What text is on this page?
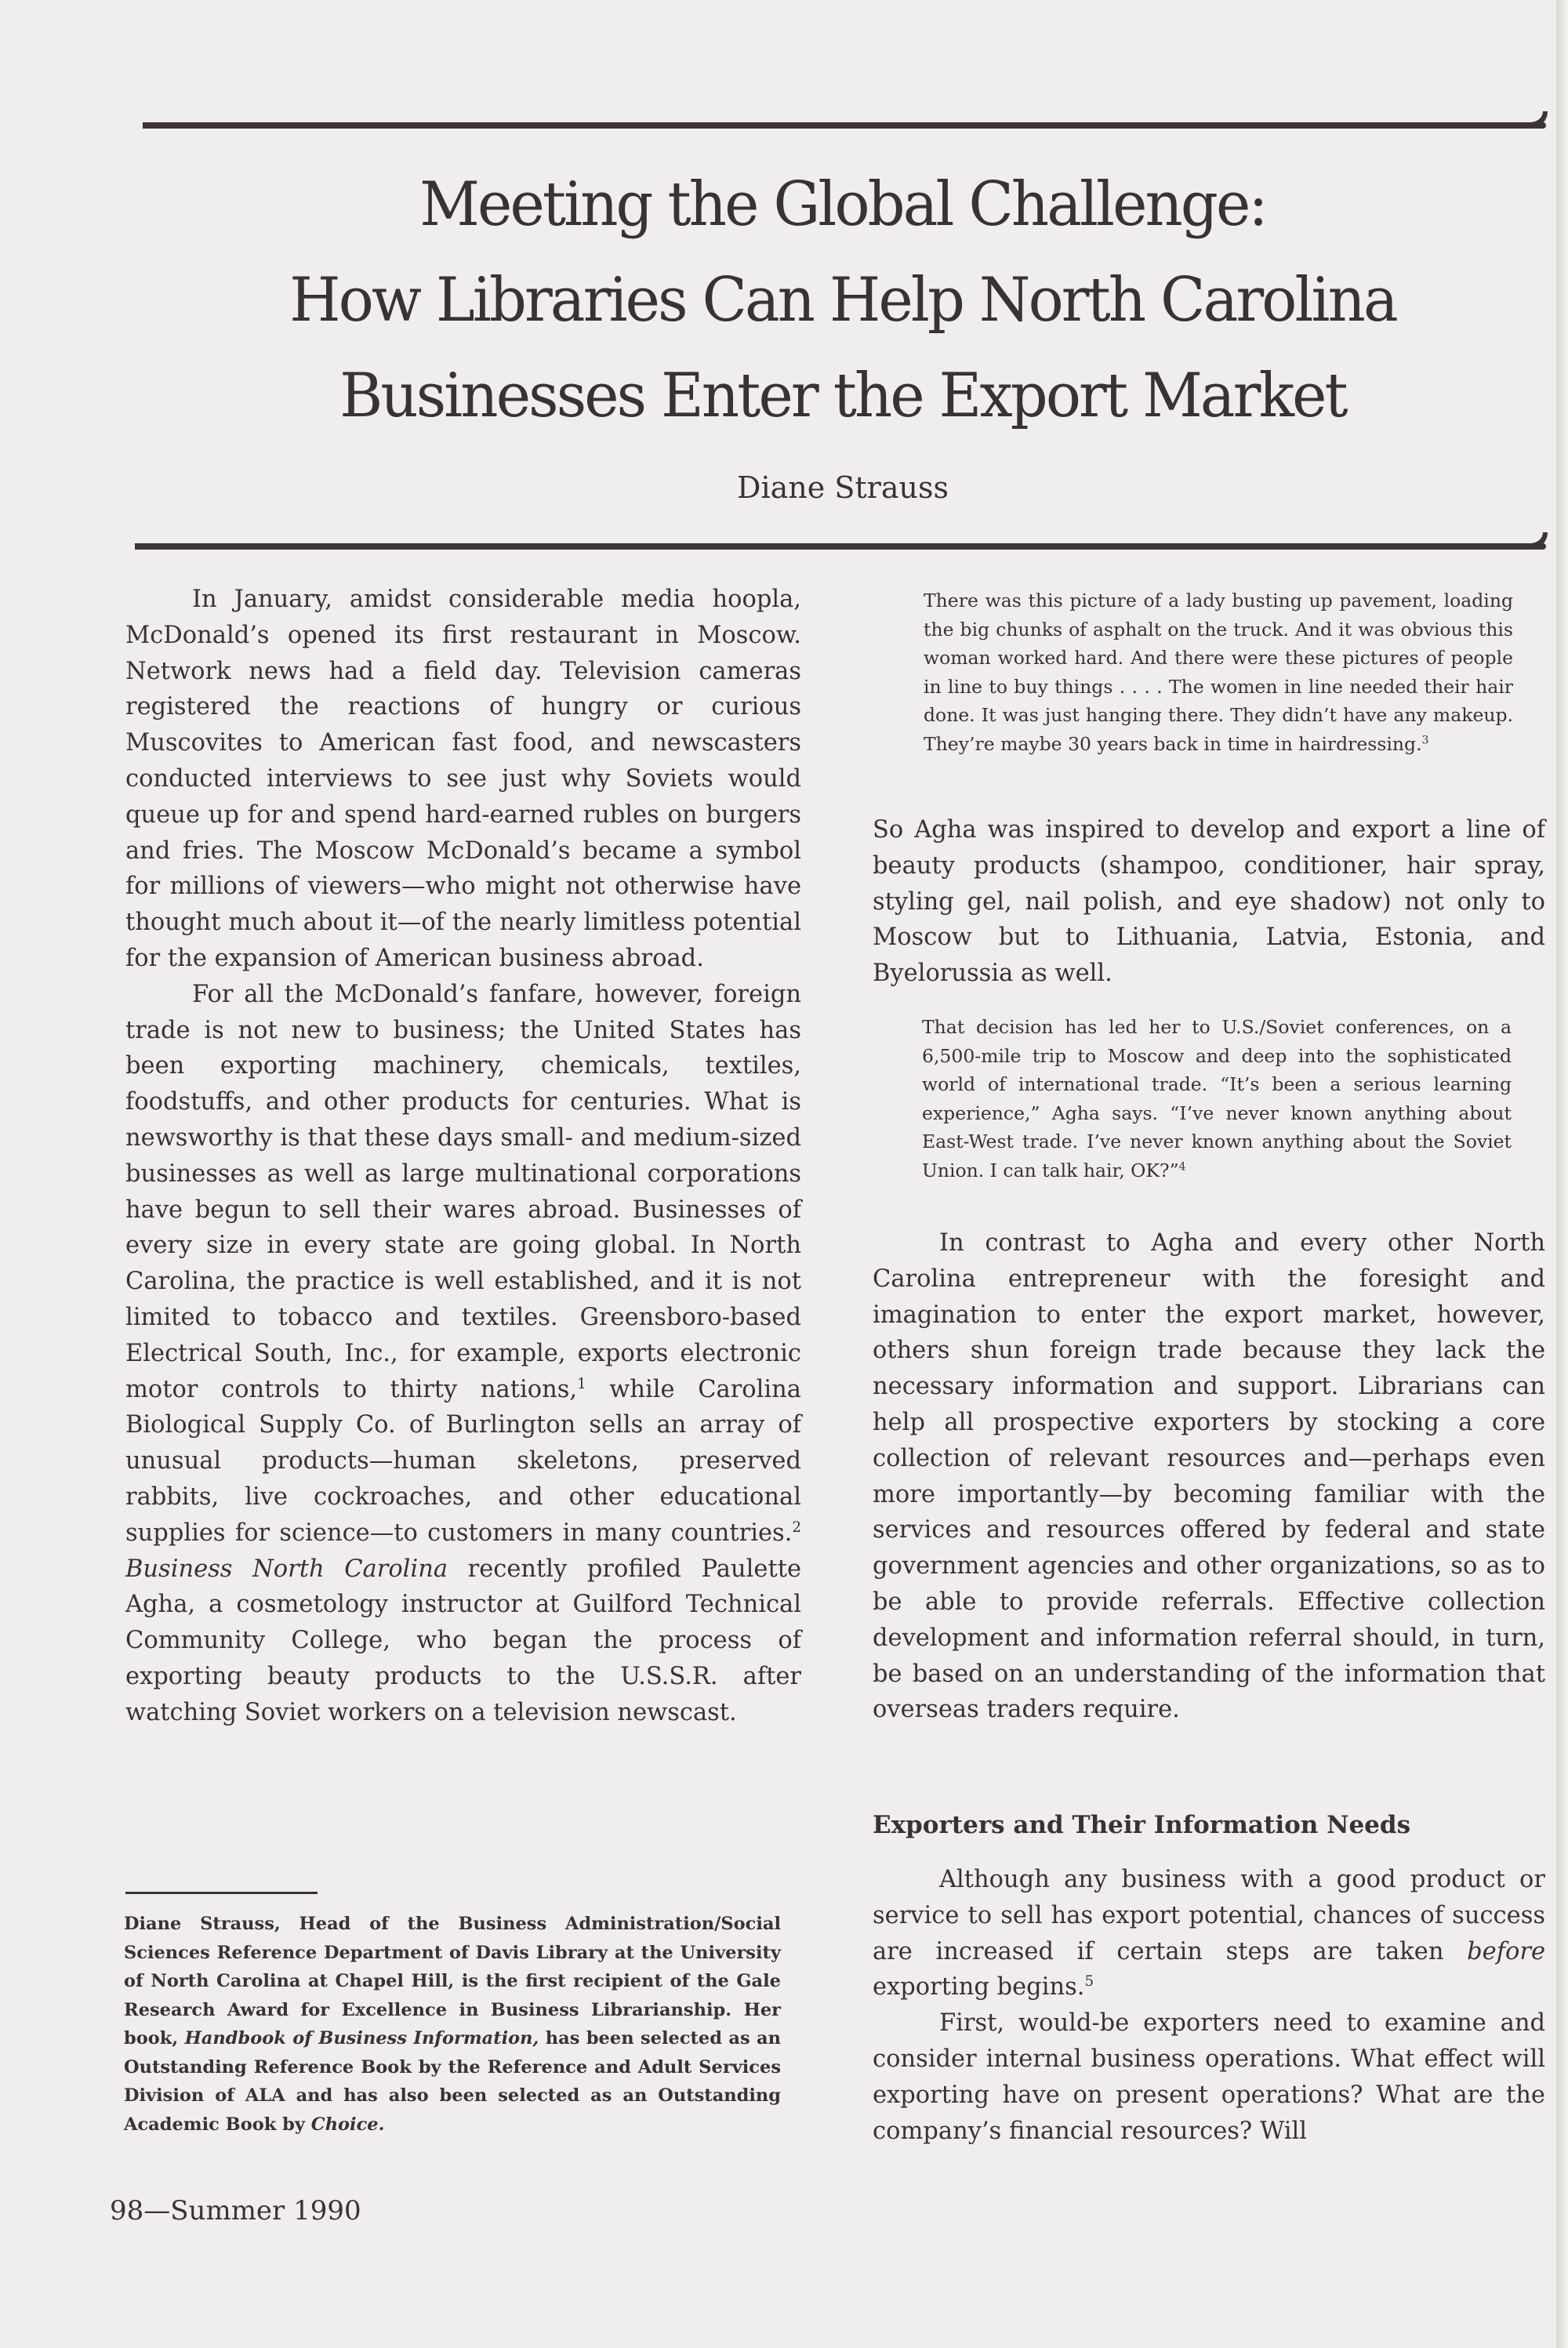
Meeting the Global Challenge:
How Libraries Can Help North Carolina
Businesses Enter the Export Market
Diane Strauss

In January, amidst considerable media hoopla, McDonald’s opened its first restaurant in Moscow. Network news had a field day. Television cameras registered the reactions of hungry or curious Muscovites to American fast food, and newscasters conducted interviews to see just why Soviets would queue up for and spend hard-earned rubles on burgers and fries. The Moscow McDonald’s became a symbol for millions of viewers—who might not otherwise have thought much about it—of the nearly limitless potential for the expansion of American business abroad.

For all the McDonald’s fanfare, however, foreign trade is not new to business; the United States has been exporting machinery, chemicals, textiles, foodstuffs, and other products for centuries. What is newsworthy is that these days small- and medium-sized businesses as well as large multinational corporations have begun to sell their wares abroad. Businesses of every size in every state are going global. In North Carolina, the practice is well established, and it is not limited to tobacco and textiles. Greensboro-based Electrical South, Inc., for example, exports electronic motor controls to thirty nations,$^1$ while Carolina Biological Supply Co. of Burlington sells an array of unusual products—human skeletons, preserved rabbits, live cockroaches, and other educational supplies for science—to customers in many countries.$^2$ Business North Carolina recently profiled Paulette Agha, a cosmetology instructor at Guilford Technical Community College, who began the process of exporting beauty products to the U.S.S.R. after watching Soviet workers on a television newscast.

Diane Strauss, Head of the Business Administration/Social Sciences Reference Department of Davis Library at the University of North Carolina at Chapel Hill, is the first recipient of the Gale Research Award for Excellence in Business Librarianship. Her book, Handbook of Business Information, has been selected as an Outstanding Reference Book by the Reference and Adult Services Division of ALA and has also been selected as an Outstanding Academic Book by Choice.

There was this picture of a lady busting up pavement, loading the big chunks of asphalt on the truck. And it was obvious this woman worked hard. And there were these pictures of people in line to buy things . . . . The women in line needed their hair done. It was just hanging there. They didn’t have any makeup. They’re maybe 30 years back in time in hairdressing.$^3$

So Agha was inspired to develop and export a line of beauty products (shampoo, conditioner, hair spray, styling gel, nail polish, and eye shadow) not only to Moscow but to Lithuania, Latvia, Estonia, and Byelorussia as well.

That decision has led her to U.S./Soviet conferences, on a 6,500-mile trip to Moscow and deep into the sophisticated world of international trade. “It’s been a serious learning experience,” Agha says. “I’ve never known anything about East-West trade. I’ve never known anything about the Soviet Union. I can talk hair, OK?”$^4$

In contrast to Agha and every other North Carolina entrepreneur with the foresight and imagination to enter the export market, however, others shun foreign trade because they lack the necessary information and support. Librarians can help all prospective exporters by stocking a core collection of relevant resources and—perhaps even more importantly—by becoming familiar with the services and resources offered by federal and state government agencies and other organizations, so as to be able to provide referrals. Effective collection development and information referral should, in turn, be based on an understanding of the information that overseas traders require.

Exporters and Their Information Needs

Although any business with a good product or service to sell has export potential, chances of success are increased if certain steps are taken before exporting begins.$^5$

First, would-be exporters need to examine and consider internal business operations. What effect will exporting have on present operations? What are the company’s financial resources? Will

98—Summer 1990
